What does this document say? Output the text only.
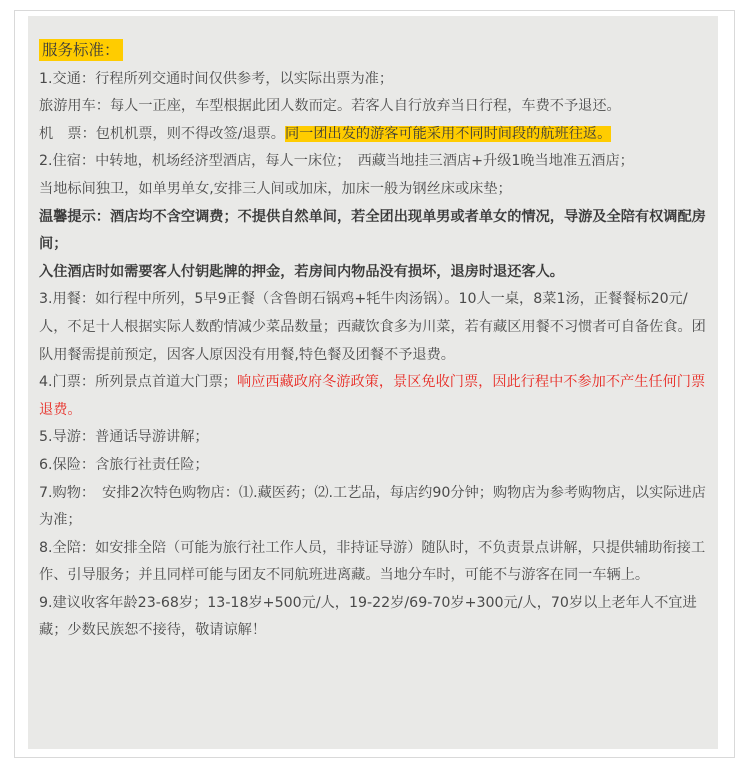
服务标准：

1.交通：行程所列交通时间仅供参考，以实际出票为准；

旅游用车：每人一正座，车型根据此团人数而定。若客人自行放弃当日行程，车费不予退还。

机　票：包机机票，则不得改签/退票。同一团出发的游客可能采用不同时间段的航班往返。

2.住宿：中转地，机场经济型酒店，每人一床位；　西藏当地挂三酒店+升级1晚当地准五酒店；

当地标间独卫，如单男单女,安排三人间或加床，加床一般为钢丝床或床垫；

温馨提示：酒店均不含空调费；不提供自然单间，若全团出现单男或者单女的情况，导游及全陪有权调配房间；

入住酒店时如需要客人付钥匙牌的押金，若房间内物品没有损坏，退房时退还客人。

3.用餐：如行程中所列，5早9正餐（含鲁朗石锅鸡+牦牛肉汤锅）。10人一桌，8菜1汤，正餐餐标20元/人，不足十人根据实际人数酌情减少菜品数量；西藏饮食多为川菜，若有藏区用餐不习惯者可自备佐食。团队用餐需提前预定，因客人原因没有用餐,特色餐及团餐不予退费。

4.门票：所列景点首道大门票；响应西藏政府冬游政策，景区免收门票，因此行程中不参加不产生任何门票退费。

5.导游：普通话导游讲解；

6.保险：含旅行社责任险；

7.购物：　安排2次特色购物店：⑴.藏医药；⑵.工艺品，每店约90分钟；购物店为参考购物店，以实际进店为准；

8.全陪：如安排全陪（可能为旅行社工作人员，非持证导游）随队时，不负责景点讲解，只提供辅助衔接工作、引导服务；并且同样可能与团友不同航班进离藏。当地分车时，可能不与游客在同一车辆上。

9.建议收客年龄23-68岁；13-18岁+500元/人，19-22岁/69-70岁+300元/人，70岁以上老年人不宜进藏；少数民族恕不接待，敬请谅解！
